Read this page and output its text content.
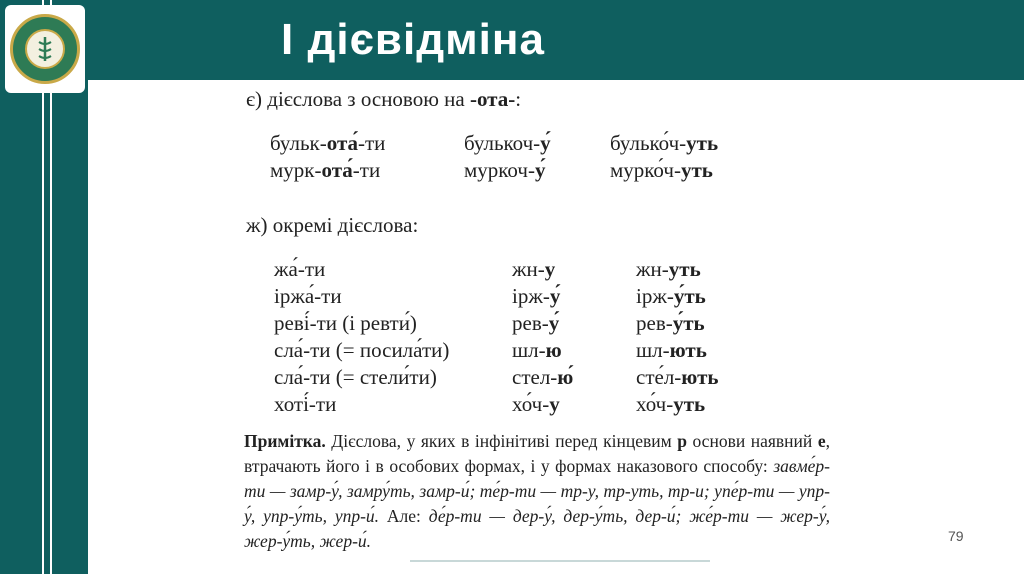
І дієвідміна
є) дієслова з основою на -ота-:
бульк-ота́-ти	булькоч-у́	булько́ч-уть
мурк-ота́-ти	муркоч-у́	мурко́ч-уть
ж) окремі дієслова:
жа́-ти	жн-у	жн-уть
іржа́-ти	ірж-у́	ірж-у́ть
реві́-ти (і ревти́)	рев-у́	рев-у́ть
сла́-ти (= посила́ти)	шл-ю	шл-ють
сла́-ти (= стели́ти)	стел-ю́	сте́л-ють
хоті́-ти	хо́ч-у	хо́ч-уть

Примітка. Дієслова, у яких в інфінітиві перед кінцевим р основи наявний е, втрачають його і в особових формах, і у формах наказового способу: завме́р-ти — замр-у́, замру́ть, замр-и́; те́р-ти — тр-у, тр-уть, тр-и; упе́р-ти — упр-у́, упр-у́ть, упр-и́. Але: де́р-ти — дер-у́, дер-у́ть, дер-и́; же́р-ти — жер-у́, жер-у́ть, жер-и́.	79
